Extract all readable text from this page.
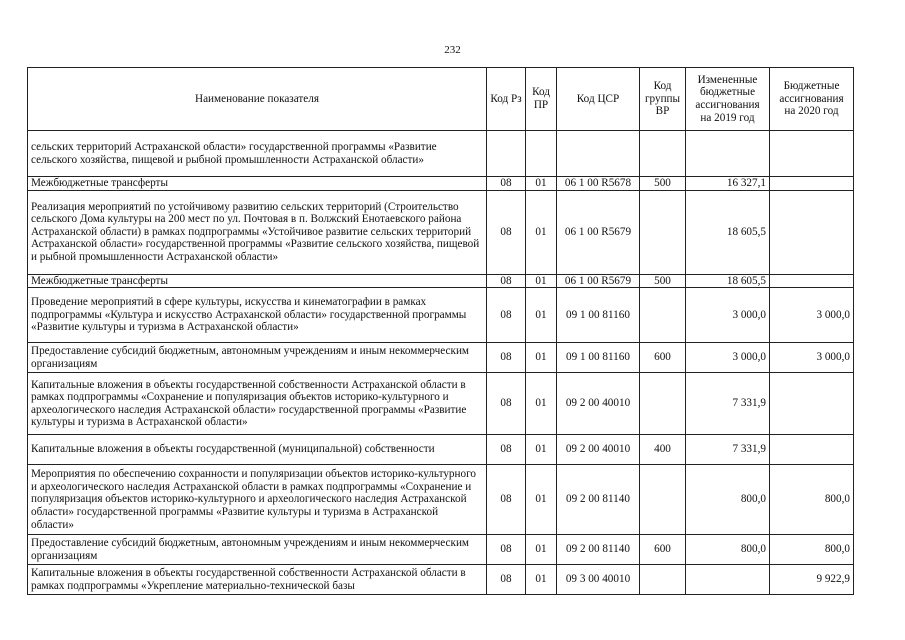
232
Наименование показателя	Код Рз	Код ПР	Код ЦСР	Код группы ВР	Измененные бюджетные ассигнования на 2019 год	Бюджетные ассигнования на 2020 год
сельских территорий Астраханской области» государственной программы «Развитие сельского хозяйства, пищевой и рыбной промышленности Астраханской области»						
Межбюджетные трансферты	08	01	06 1 00 R5678	500	16 327,1	
Реализация мероприятий по устойчивому развитию сельских территорий (Строительство сельского Дома культуры на 200 мест по ул. Почтовая в п. Волжский Енотаевского района Астраханской области) в рамках подпрограммы «Устойчивое развитие сельских территорий Астраханской области» государственной программы «Развитие сельского хозяйства, пищевой и рыбной промышленности Астраханской области»	08	01	06 1 00 R5679		18 605,5	
Межбюджетные трансферты	08	01	06 1 00 R5679	500	18 605,5	
Проведение мероприятий в сфере культуры, искусства и кинематографии в рамках подпрограммы «Культура и искусство Астраханской области» государственной программы «Развитие культуры и туризма в Астраханской области»	08	01	09 1 00 81160		3 000,0	3 000,0
Предоставление субсидий бюджетным, автономным учреждениям и иным некоммерческим организациям	08	01	09 1 00 81160	600	3 000,0	3 000,0
Капитальные вложения в объекты государственной собственности Астраханской области в рамках подпрограммы «Сохранение и популяризация объектов историко-культурного и археологического наследия Астраханской области» государственной программы «Развитие культуры и туризма в Астраханской области»	08	01	09 2 00 40010		7 331,9	
Капитальные вложения в объекты государственной (муниципальной) собственности	08	01	09 2 00 40010	400	7 331,9	
Мероприятия по обеспечению сохранности и популяризации объектов историко-культурного и археологического наследия Астраханской области в рамках подпрограммы «Сохранение и популяризация объектов историко-культурного и археологического наследия Астраханской области» государственной программы «Развитие культуры и туризма в Астраханской области»	08	01	09 2 00 81140		800,0	800,0
Предоставление субсидий бюджетным, автономным учреждениям и иным некоммерческим организациям	08	01	09 2 00 81140	600	800,0	800,0
Капитальные вложения в объекты государственной собственности Астраханской области в рамках подпрограммы «Укрепление материально-технической базы	08	01	09 3 00 40010			9 922,9
